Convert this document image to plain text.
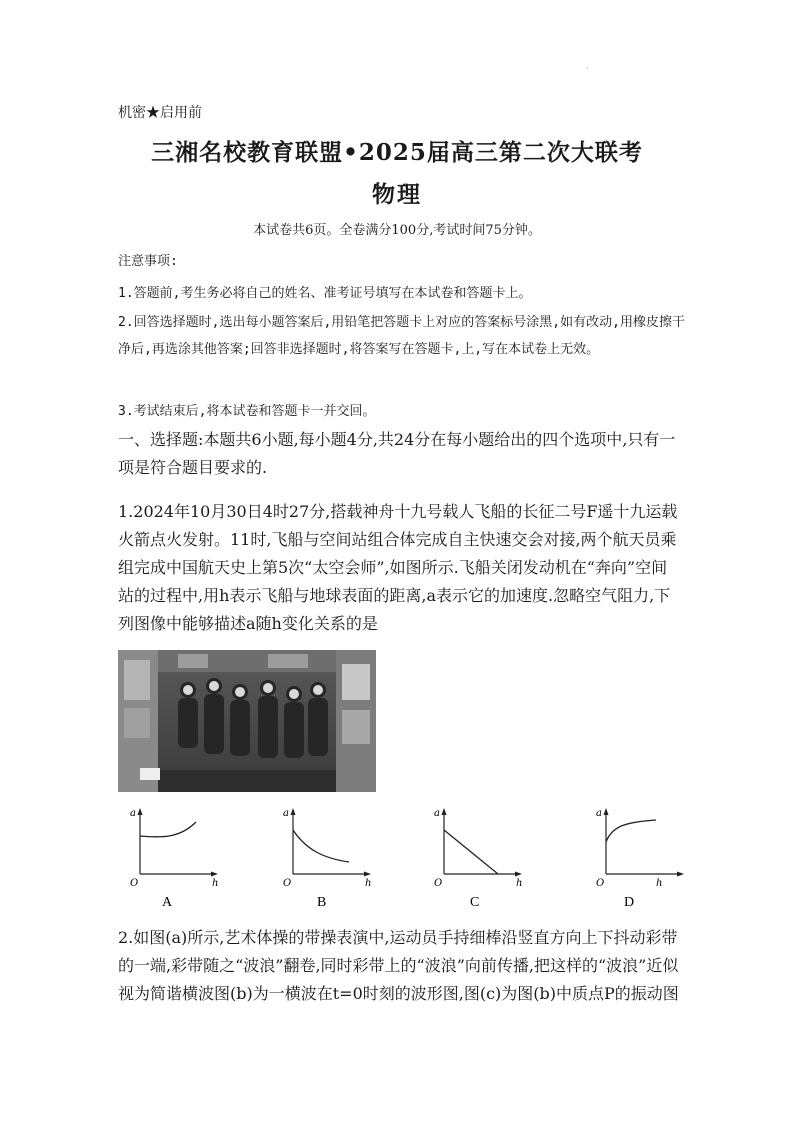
·
机密★启用前
三湘名校教育联盟•2025届高三第二次大联考
物理
本试卷共6页。全卷满分100分,考试时间75分钟。
注意事项:
1.答题前,考生务必将自己的姓名、准考证号填写在本试卷和答题卡上。
2.回答选择题时,选出每小题答案后,用铅笔把答题卡上对应的答案标号涂黑,如有改动,用橡皮擦干净后,再选涂其他答案;回答非选择题时,将答案写在答题卡,上,写在本试卷上无效。
3.考试结束后,将本试卷和答题卡一并交回。
一、选择题:本题共6小题,每小题4分,共24分在每小题给出的四个选项中,只有一项是符合题目要求的.
1.2024年10月30日4时27分,搭载神舟十九号载人飞船的长征二号F遥十九运载火箭点火发射。11时,飞船与空间站组合体完成自主快速交会对接,两个航天员乘组完成中国航天史上第5次“太空会师”,如图所示.飞船关闭发动机在“奔向”空间站的过程中,用h表示飞船与地球表面的距离,a表示它的加速度.忽略空气阻力,下列图像中能够描述a随h变化关系的是
a
O	h
A
a
O	h
B
a
O	h
C
a
O	h
D
2.如图(a)所示,艺术体操的带操表演中,运动员手持细棒沿竖直方向上下抖动彩带的一端,彩带随之“波浪”翻卷,同时彩带上的“波浪”向前传播,把这样的“波浪”近似视为简谐横波图(b)为一横波在t=0时刻的波形图,图(c)为图(b)中质点P的振动图
